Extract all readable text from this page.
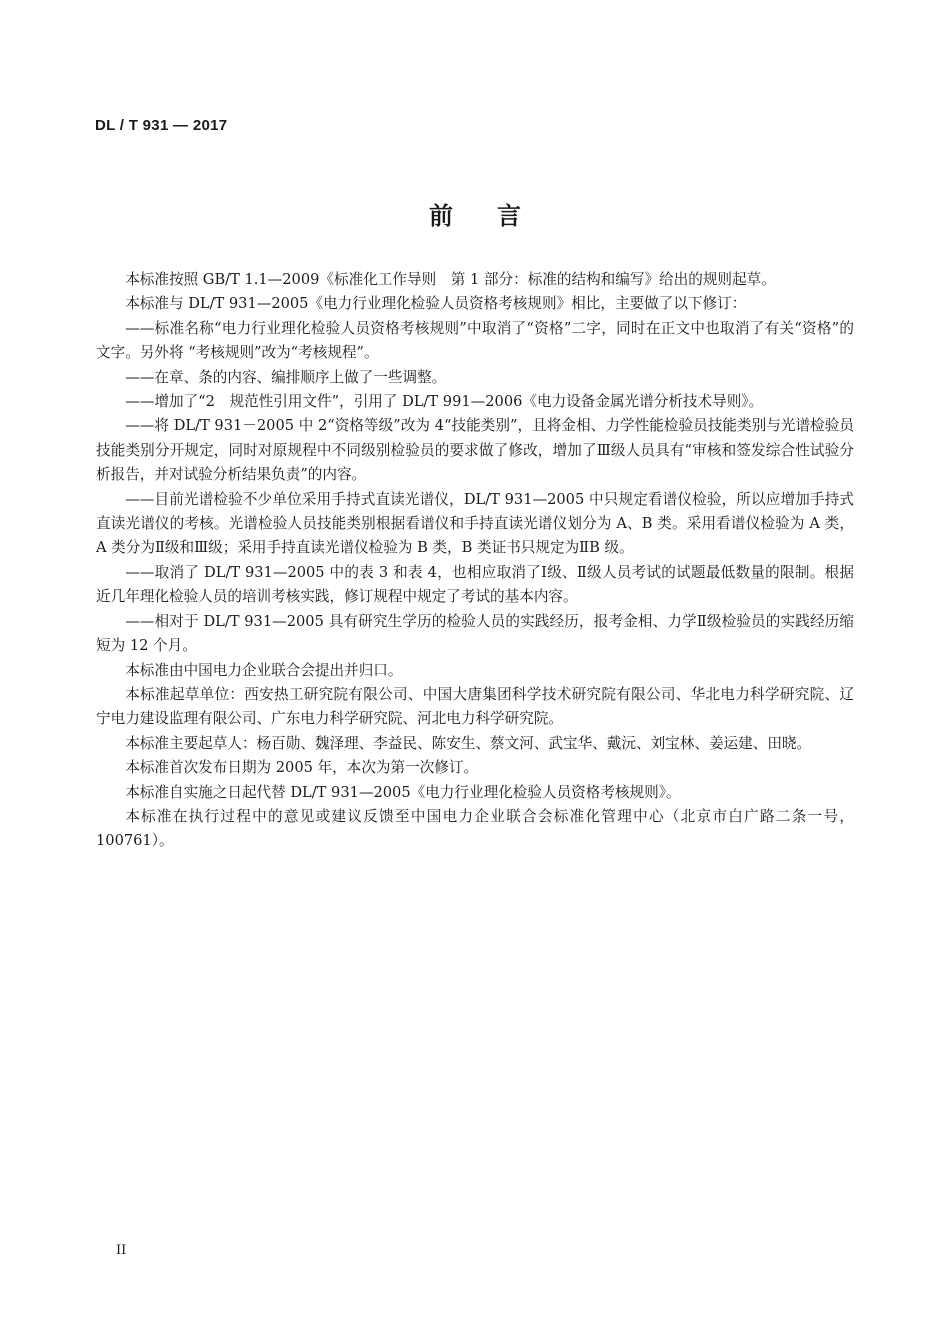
DL / T 931 — 2017
前言

本标准按照 GB/T 1.1—2009《标准化工作导则　第 1 部分：标准的结构和编写》给出的规则起草。

本标准与 DL/T 931—2005《电力行业理化检验人员资格考核规则》相比，主要做了以下修订：

——标准名称“电力行业理化检验人员资格考核规则”中取消了“资格”二字，同时在正文中也取消了有关“资格”的文字。另外将 “考核规则”改为“考核规程”。

——在章、条的内容、编排顺序上做了一些调整。

——增加了“2　规范性引用文件”，引用了 DL/T 991—2006《电力设备金属光谱分析技术导则》。

——将 DL/T 931－2005 中 2“资格等级”改为 4“技能类别”，且将金相、力学性能检验员技能类别与光谱检验员技能类别分开规定，同时对原规程中不同级别检验员的要求做了修改，增加了Ⅲ级人员具有“审核和签发综合性试验分析报告，并对试验分析结果负责”的内容。

——目前光谱检验不少单位采用手持式直读光谱仪，DL/T 931—2005 中只规定看谱仪检验，所以应增加手持式直读光谱仪的考核。光谱检验人员技能类别根据看谱仪和手持直读光谱仪划分为 A、B 类。采用看谱仪检验为 A 类，A 类分为Ⅱ级和Ⅲ级；采用手持直读光谱仪检验为 B 类，B 类证书只规定为ⅡB 级。

——取消了 DL/T 931—2005 中的表 3 和表 4，也相应取消了Ⅰ级、Ⅱ级人员考试的试题最低数量的限制。根据近几年理化检验人员的培训考核实践，修订规程中规定了考试的基本内容。

——相对于 DL/T 931—2005 具有研究生学历的检验人员的实践经历，报考金相、力学Ⅱ级检验员的实践经历缩短为 12 个月。

本标准由中国电力企业联合会提出并归口。

本标准起草单位：西安热工研究院有限公司、中国大唐集团科学技术研究院有限公司、华北电力科学研究院、辽宁电力建设监理有限公司、广东电力科学研究院、河北电力科学研究院。

本标准主要起草人：杨百勋、魏泽理、李益民、陈安生、蔡文河、武宝华、戴沅、刘宝林、姜运建、田晓。

本标准首次发布日期为 2005 年，本次为第一次修订。

本标准自实施之日起代替 DL/T 931—2005《电力行业理化检验人员资格考核规则》。

本标准在执行过程中的意见或建议反馈至中国电力企业联合会标准化管理中心（北京市白广路二条一号，100761）。

II
